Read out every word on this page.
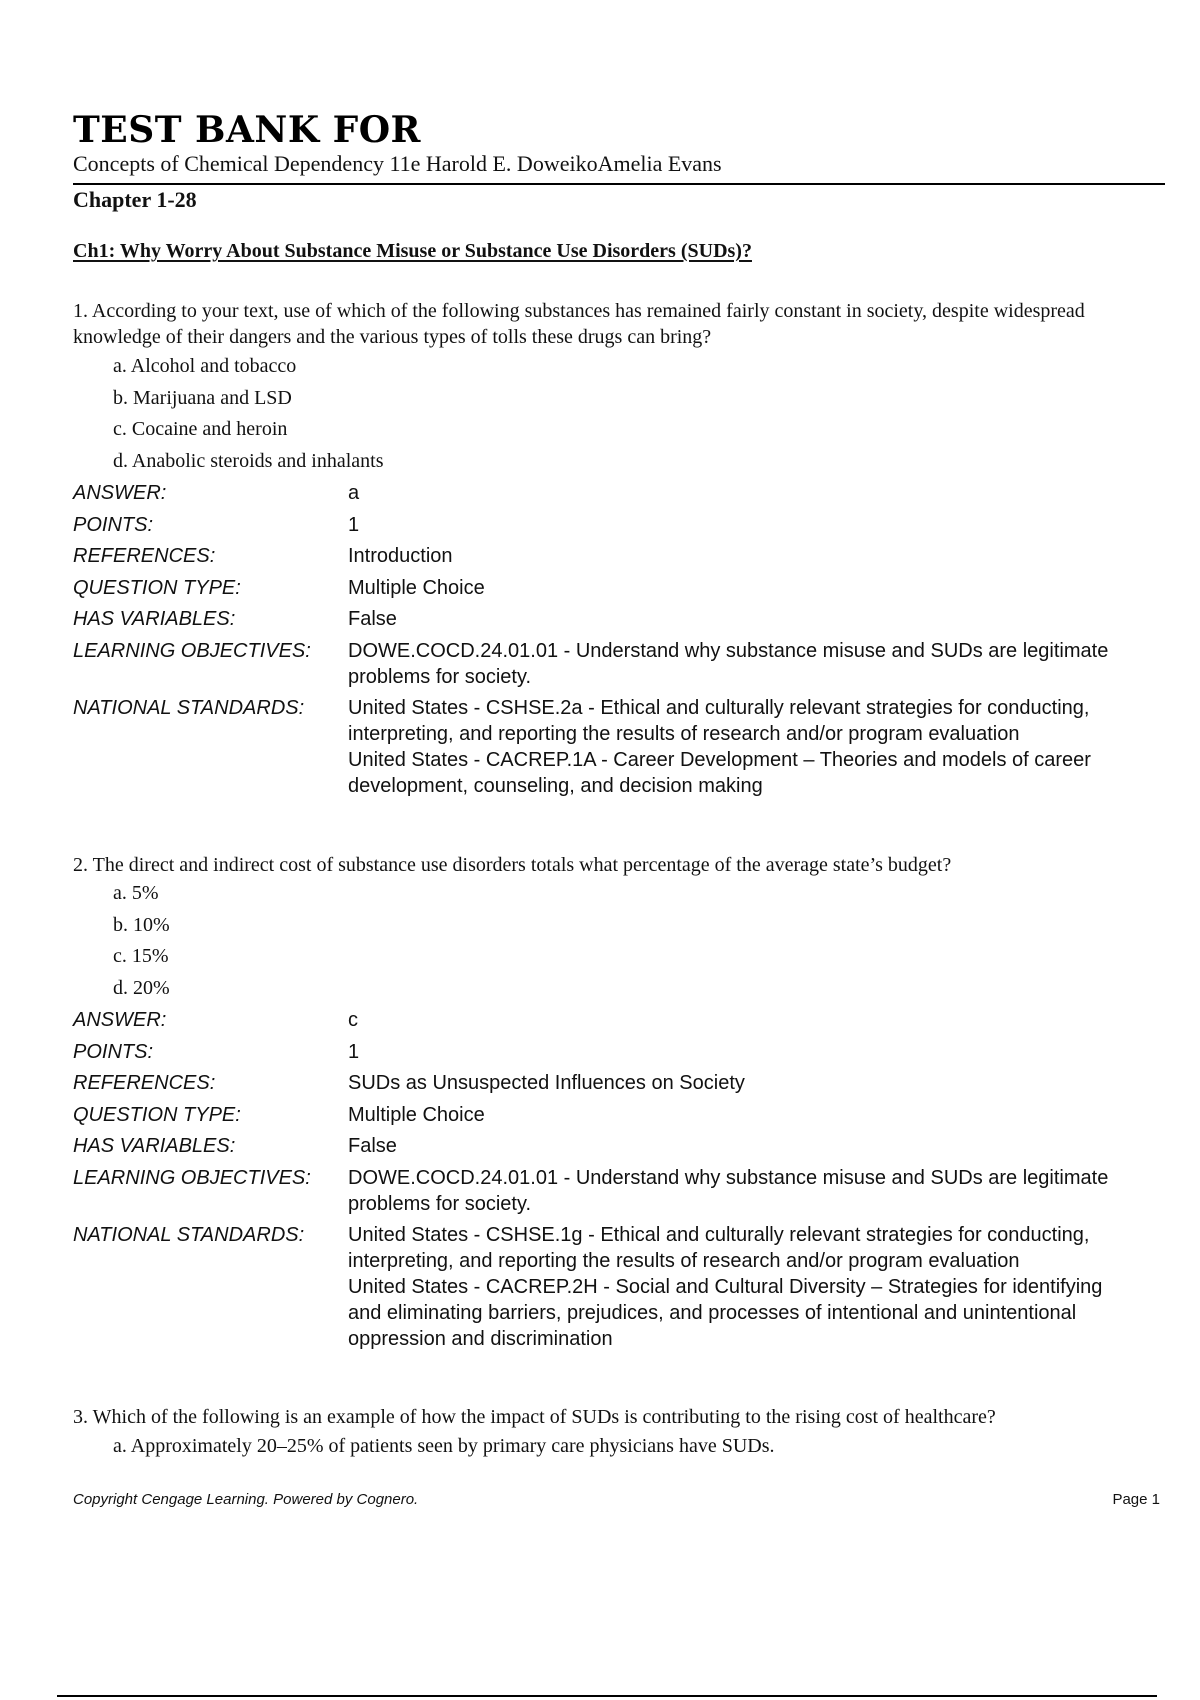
TEST BANK FOR
Concepts of Chemical Dependency 11e Harold E. DoweikoAmelia Evans
Chapter 1-28
Ch1: Why Worry About Substance Misuse or Substance Use Disorders (SUDs)?

1. According to your text, use of which of the following substances has remained fairly constant in society, despite widespread knowledge of their dangers and the various types of tolls these drugs can bring?

a. Alcohol and tobacco
b. Marijuana and LSD
c. Cocaine and heroin
d. Anabolic steroids and inhalants
ANSWER:	a
POINTS:	1
REFERENCES:	Introduction
QUESTION TYPE:	Multiple Choice
HAS VARIABLES:	False
LEARNING OBJECTIVES:	DOWE.COCD.24.01.01 - Understand why substance misuse and SUDs are legitimate problems for society.
NATIONAL STANDARDS:	United States - CSHSE.2a - Ethical and culturally relevant strategies for conducting, interpreting, and reporting the results of research and/or program evaluation
United States - CACREP.1A - Career Development – Theories and models of career development, counseling, and decision making

2. The direct and indirect cost of substance use disorders totals what percentage of the average state’s budget?

a. 5%
b. 10%
c. 15%
d. 20%
ANSWER:	c
POINTS:	1
REFERENCES:	SUDs as Unsuspected Influences on Society
QUESTION TYPE:	Multiple Choice
HAS VARIABLES:	False
LEARNING OBJECTIVES:	DOWE.COCD.24.01.01 - Understand why substance misuse and SUDs are legitimate problems for society.
NATIONAL STANDARDS:	United States - CSHSE.1g - Ethical and culturally relevant strategies for conducting, interpreting, and reporting the results of research and/or program evaluation
United States - CACREP.2H - Social and Cultural Diversity – Strategies for identifying and eliminating barriers, prejudices, and processes of intentional and unintentional oppression and discrimination

3. Which of the following is an example of how the impact of SUDs is contributing to the rising cost of healthcare?

a. Approximately 20–25% of patients seen by primary care physicians have SUDs.
Copyright Cengage Learning. Powered by Cognero.	Page 1
